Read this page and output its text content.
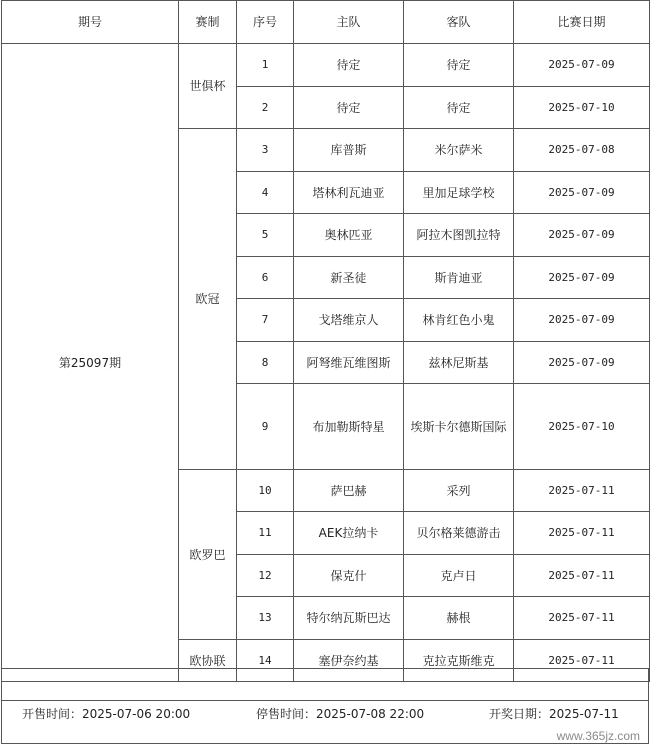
期号	赛制	序号	主队	客队	比赛日期
第25097期	世俱杯	1	待定	待定	2025-07-09
		2	待定	待定	2025-07-10
	欧冠	3	库普斯	米尔萨米	2025-07-08
		4	塔林利瓦迪亚	里加足球学校	2025-07-09
		5	奥林匹亚	阿拉木图凯拉特	2025-07-09
		6	新圣徒	斯肯迪亚	2025-07-09
		7	戈塔维京人	林肯红色小鬼	2025-07-09
		8	阿弩维瓦维图斯	兹林尼斯基	2025-07-09
		9	布加勒斯特星	埃斯卡尔德斯国际	2025-07-10
	欧罗巴	10	萨巴赫	采列	2025-07-11
		11	AEK拉纳卡	贝尔格莱德游击	2025-07-11
		12	保克什	克卢日	2025-07-11
		13	特尔纳瓦斯巴达	赫根	2025-07-11
	欧协联	14	塞伊奈约基	克拉克斯维克	2025-07-11
开售时间：2025-07-06 20:00	停售时间：2025-07-08 22:00	开奖日期：2025-07-11
www.365jz.com
